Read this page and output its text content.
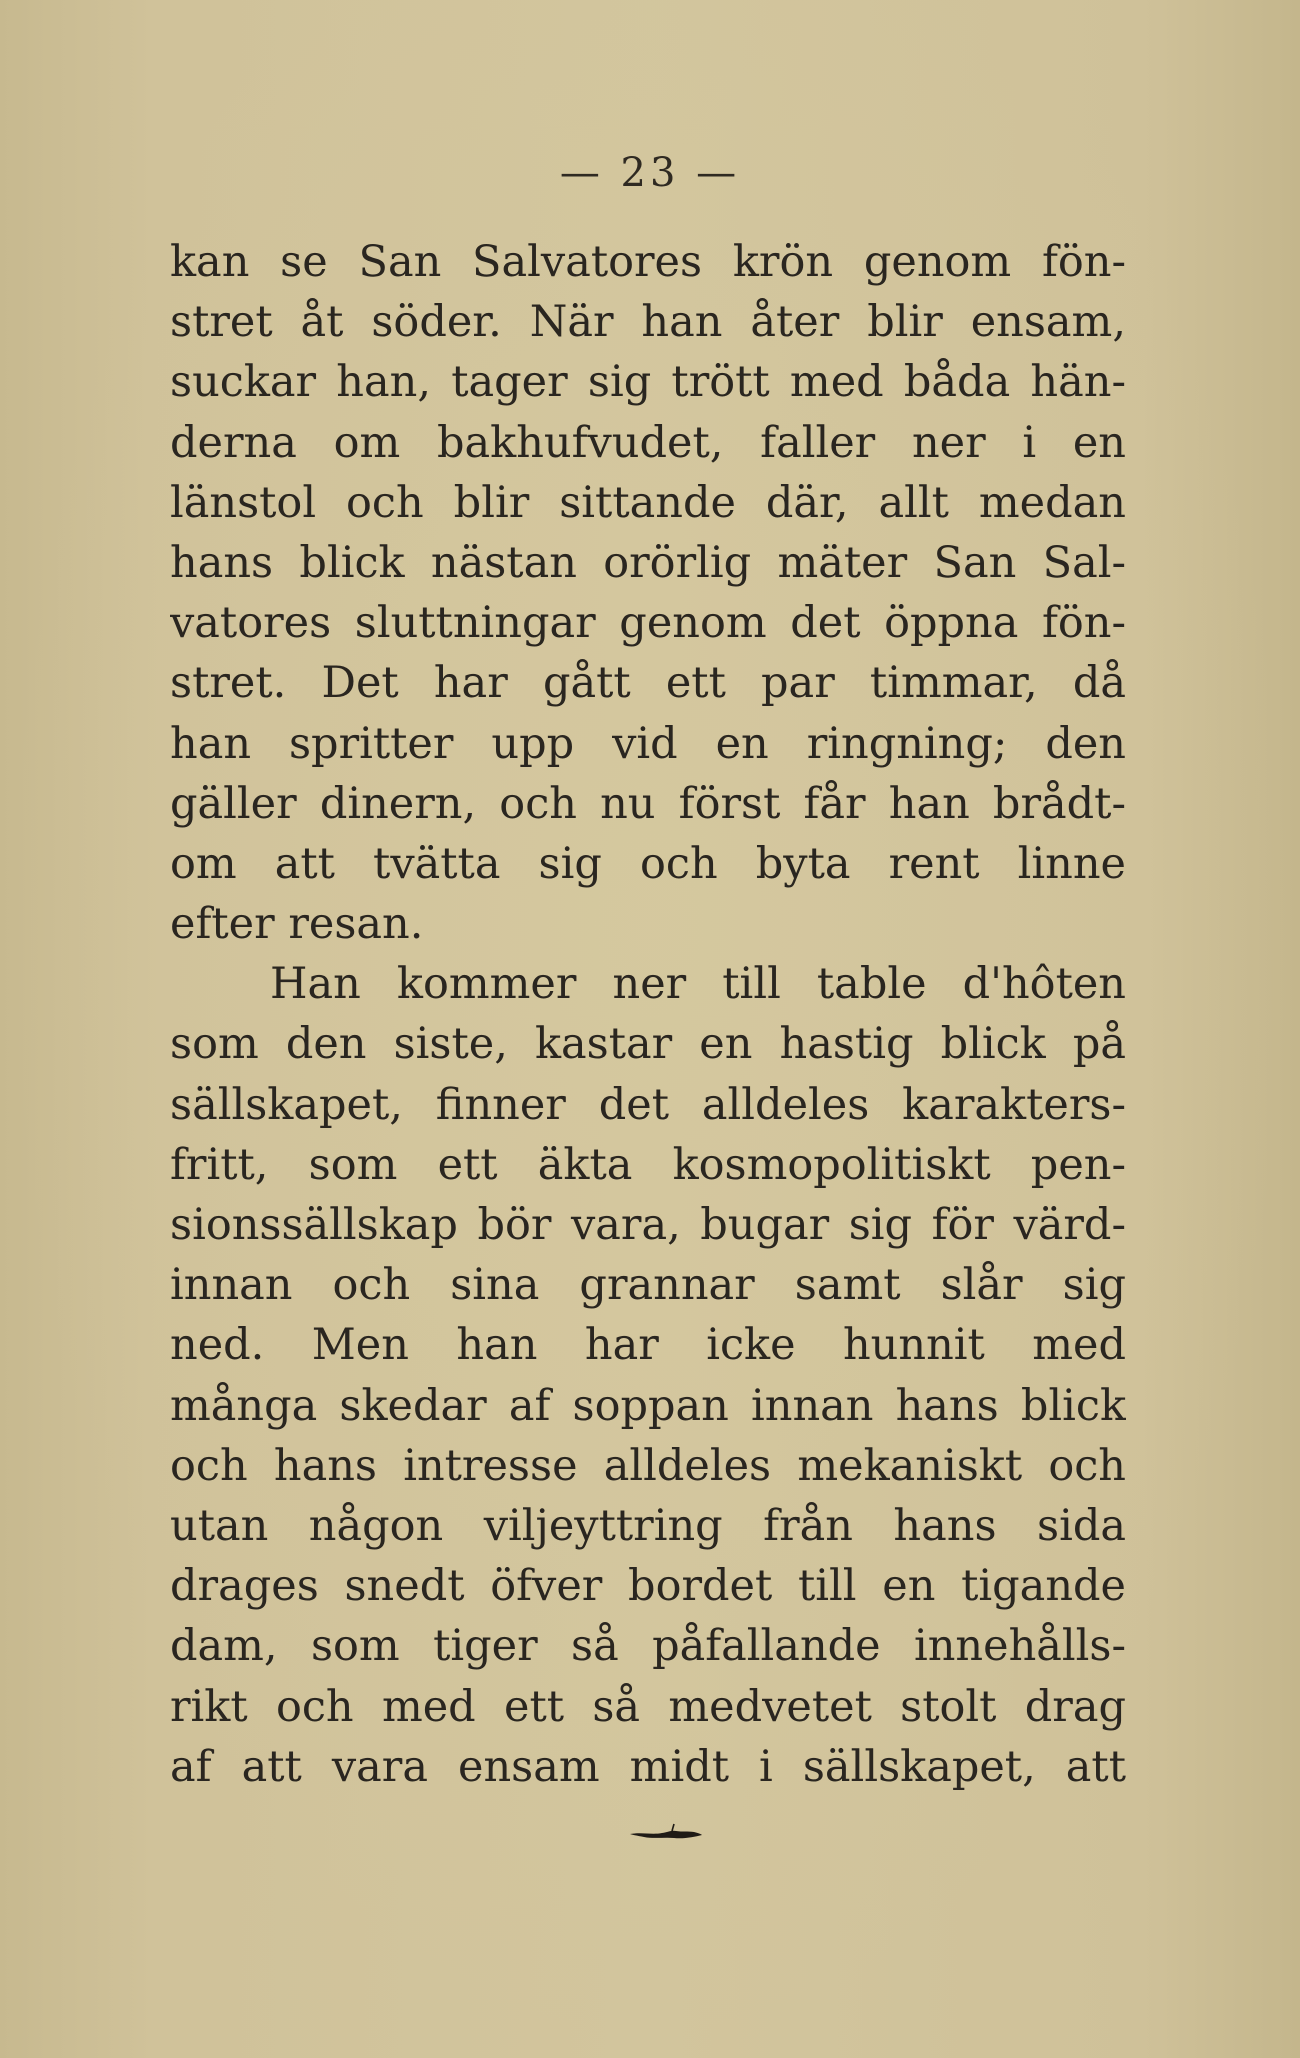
— 23 —
kan se San Salvatores krön genom fön-
stret åt söder. När han åter blir ensam,
suckar han, tager sig trött med båda hän-
derna om bakhufvudet, faller ner i en
länstol och blir sittande där, allt medan
hans blick nästan orörlig mäter San Sal-
vatores sluttningar genom det öppna fön-
stret. Det har gått ett par timmar, då
han spritter upp vid en ringning; den
gäller dinern, och nu först får han brådt-
om att tvätta sig och byta rent linne
efter resan.
Han kommer ner till table d'hôten
som den siste, kastar en hastig blick på
sällskapet, finner det alldeles karakters-
fritt, som ett äkta kosmopolitiskt pen-
sionssällskap bör vara, bugar sig för värd-
innan och sina grannar samt slår sig
ned. Men han har icke hunnit med
många skedar af soppan innan hans blick
och hans intresse alldeles mekaniskt och
utan någon viljeyttring från hans sida
drages snedt öfver bordet till en tigande
dam, som tiger så påfallande innehålls-
rikt och med ett så medvetet stolt drag
af att vara ensam midt i sällskapet, att
